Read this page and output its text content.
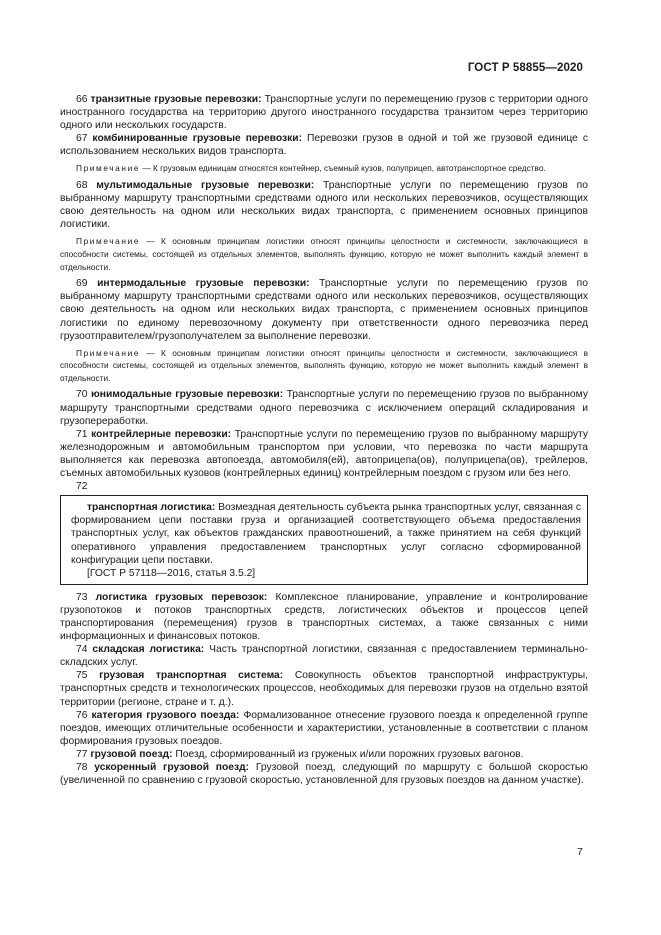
ГОСТ Р 58855—2020

66 транзитные грузовые перевозки: Транспортные услуги по перемещению грузов с территории одного иностранного государства на территорию другого иностранного государства транзитом через территорию одного или нескольких государств.

67 комбинированные грузовые перевозки: Перевозки грузов в одной и той же грузовой единице с использованием нескольких видов транспорта.

Примечание — К грузовым единицам относятся контейнер, съемный кузов, полуприцеп, автотранспортное средство.

68 мультимодальные грузовые перевозки: Транспортные услуги по перемещению грузов по выбранному маршруту транспортными средствами одного или нескольких перевозчиков, осуществляющих свою деятельность на одном или нескольких видах транспорта, с применением основных принципов логистики.

Примечание — К основным принципам логистики относят принципы целостности и системности, заключающиеся в способности системы, состоящей из отдельных элементов, выполнять функцию, которую не может выполнить каждый элемент в отдельности.

69 интермодальные грузовые перевозки: Транспортные услуги по перемещению грузов по выбранному маршруту транспортными средствами одного или нескольких перевозчиков, осуществляющих свою деятельность на одном или нескольких видах транспорта, с применением основных принципов логистики по единому перевозочному документу при ответственности одного перевозчика перед грузоотправителем/грузополучателем за выполнение перевозки.

Примечание — К основным принципам логистики относят принципы целостности и системности, заключающиеся в способности системы, состоящей из отдельных элементов, выполнять функцию, которую не может выполнить каждый элемент в отдельности.

70 юнимодальные грузовые перевозки: Транспортные услуги по перемещению грузов по выбранному маршруту транспортными средствами одного перевозчика с исключением операций складирования и грузопереработки.

71 контрейлерные перевозки: Транспортные услуги по перемещению грузов по выбранному маршруту железнодорожным и автомобильным транспортом при условии, что перевозка по части маршрута выполняется как перевозка автопоезда, автомобиля(ей), автоприцепа(ов), полуприцепа(ов), трейлеров, съемных автомобильных кузовов (контрейлерных единиц) контрейлерным поездом с грузом или без него.

72

транспортная логистика: Возмездная деятельность субъекта рынка транспортных услуг, связанная с формированием цепи поставки груза и организацией соответствующего объема предоставления транспортных услуг, как объектов гражданских правоотношений, а также принятием на себя функций оперативного управления предоставлением транспортных услуг согласно сформированной конфигурации цепи поставки.

[ГОСТ Р 57118—2016, статья 3.5.2]

73 логистика грузовых перевозок: Комплексное планирование, управление и контролирование грузопотоков и потоков транспортных средств, логистических объектов и процессов цепей транспортирования (перемещения) грузов в транспортных системах, а также связанных с ними информационных и финансовых потоков.

74 складская логистика: Часть транспортной логистики, связанная с предоставлением терминально-складских услуг.

75 грузовая транспортная система: Совокупность объектов транспортной инфраструктуры, транспортных средств и технологических процессов, необходимых для перевозки грузов на отдельно взятой территории (регионе, стране и т. д.).

76 категория грузового поезда: Формализованное отнесение грузового поезда к определенной группе поездов, имеющих отличительные особенности и характеристики, установленные в соответствии с планом формирования грузовых поездов.

77 грузовой поезд: Поезд, сформированный из груженых и/или порожних грузовых вагонов.

78 ускоренный грузовой поезд: Грузовой поезд, следующий по маршруту с большой скоростью (увеличенной по сравнению с грузовой скоростью, установленной для грузовых поездов на данном участке).

7
